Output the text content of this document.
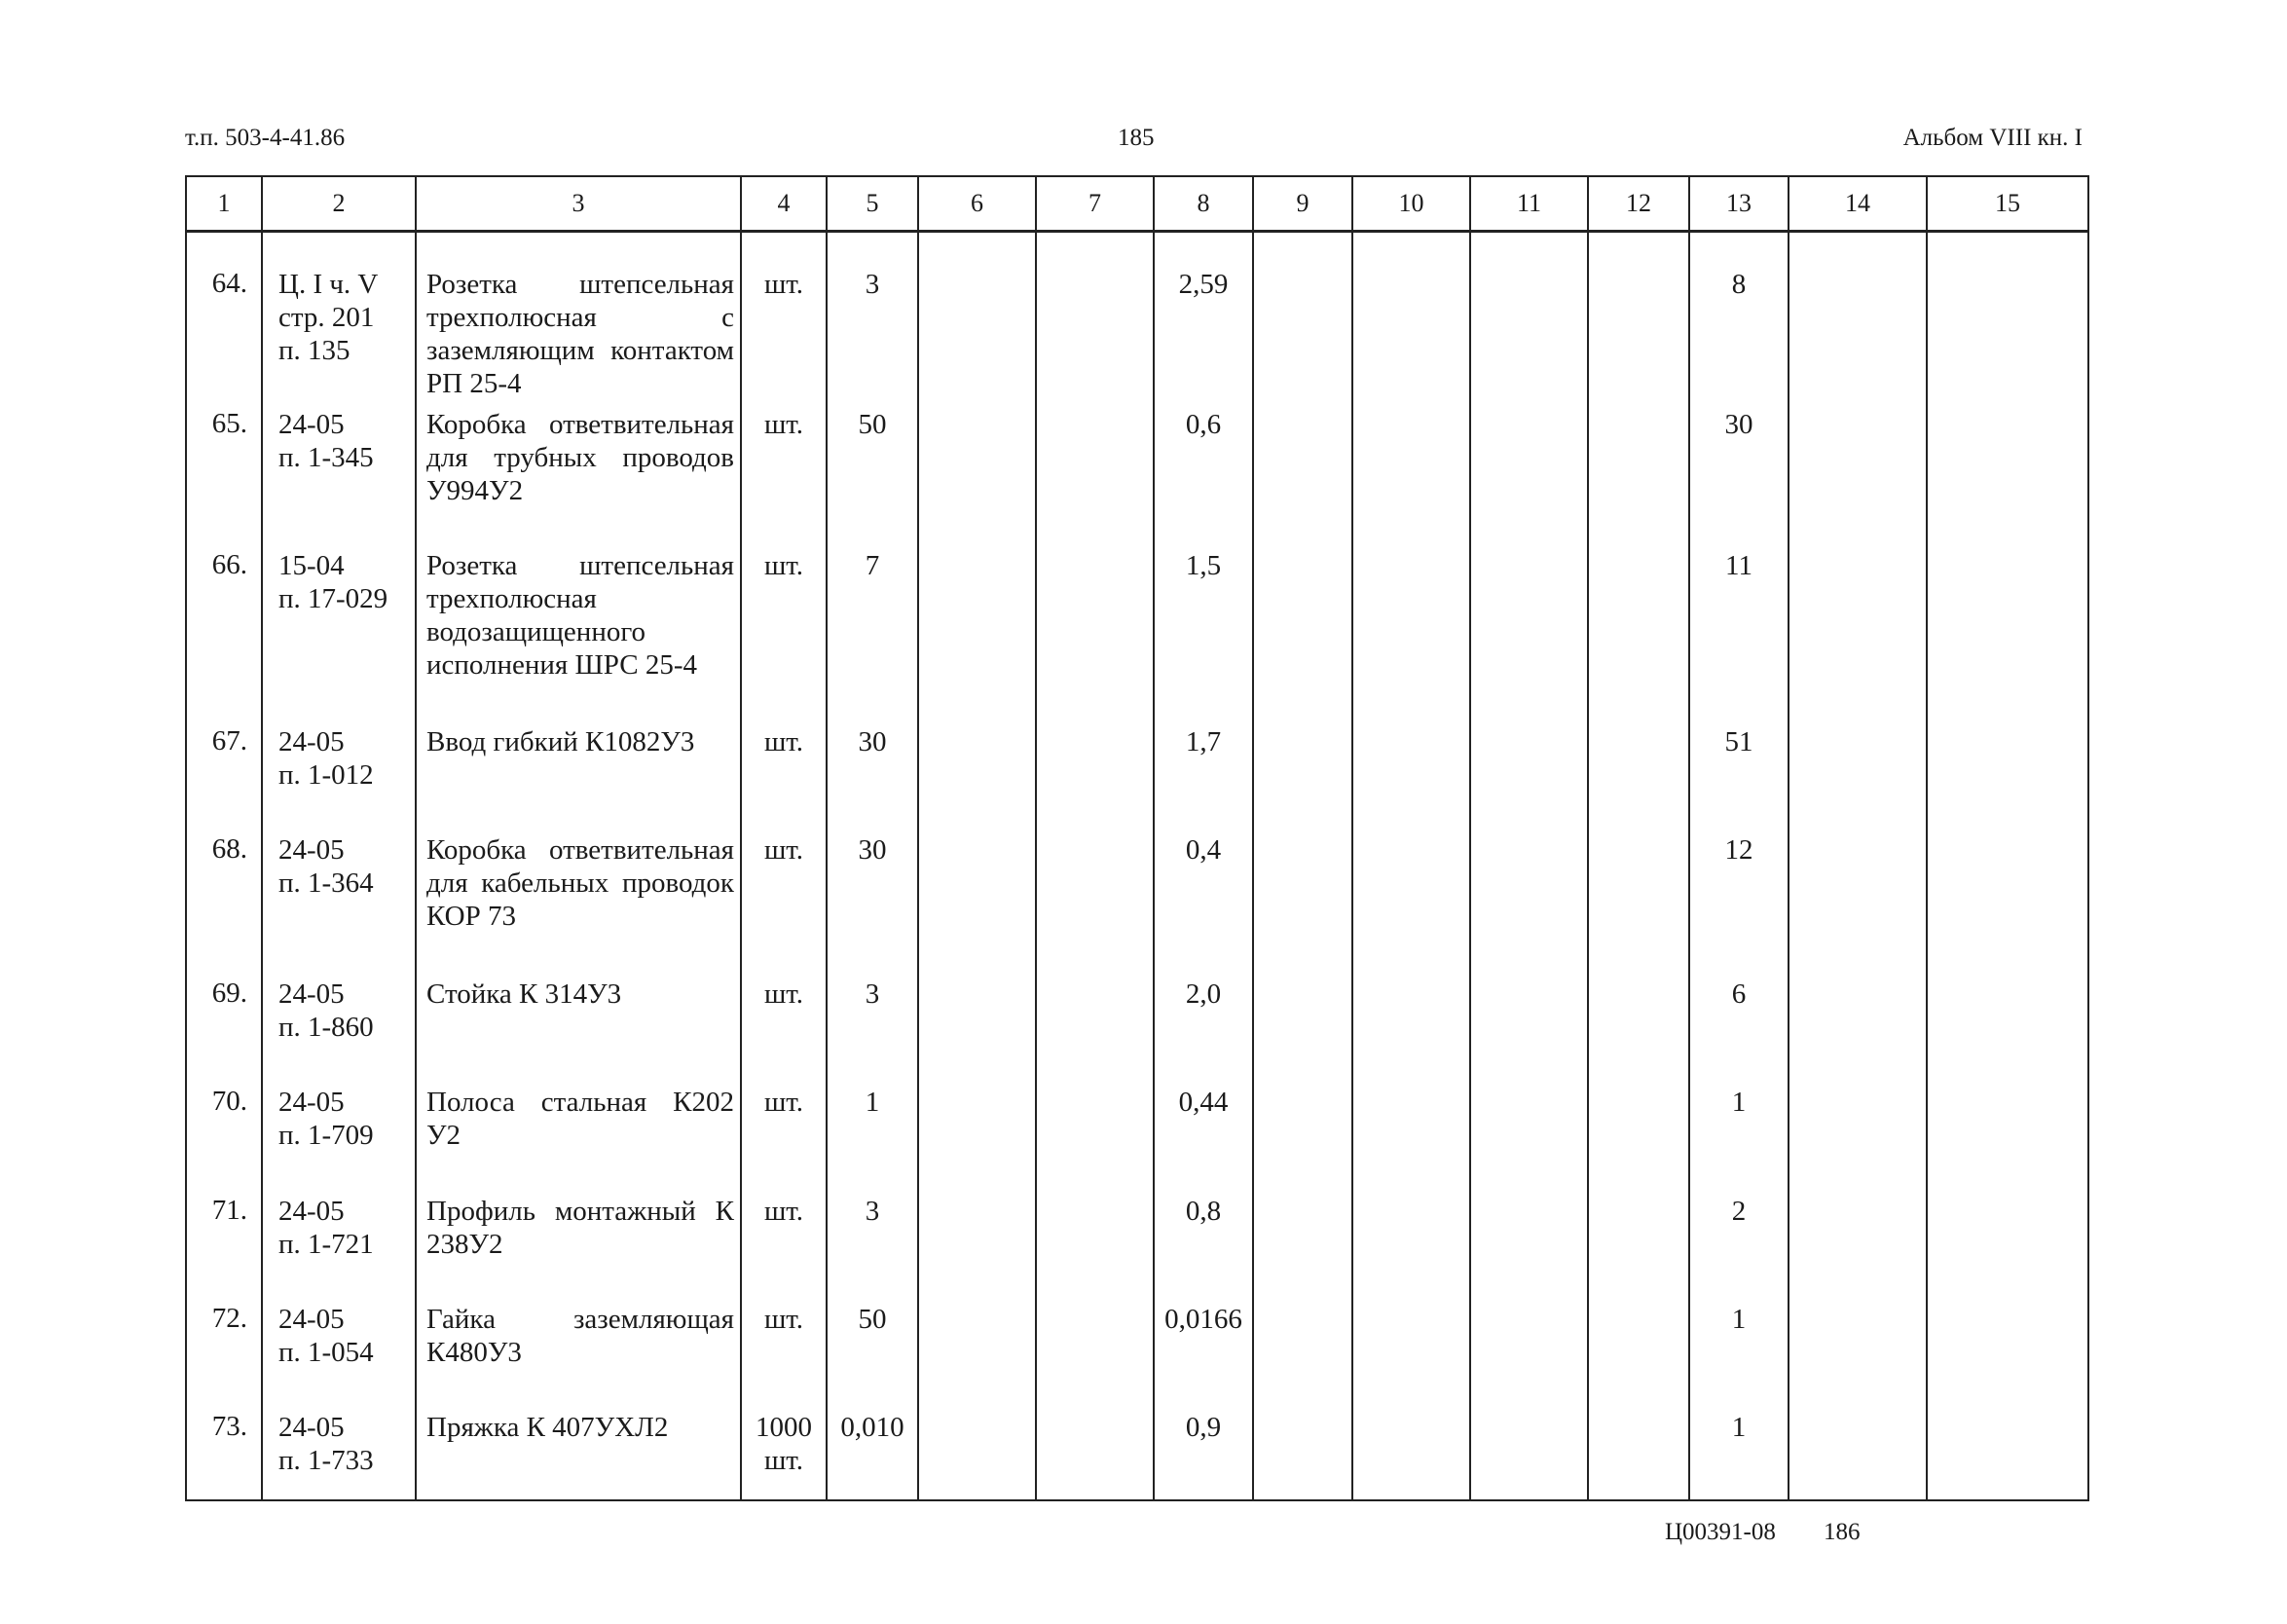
т.п. 503-4-41.86	185	Альбом VIII кн. I
1	2	3	4	5	6	7	8	9	10	11	12	13	14	15
64.	Ц. I ч. V
стр. 201
п. 135	Розетка штепсельная трехполюсная с заземляющим контактом РП 25-4	шт.	3			2,59					8		
65.	24-05
п. 1-345	Коробка ответвительная для трубных проводов У994У2	шт.	50			0,6					30		
66.	15-04
п. 17-029	Розетка штепсельная трехполюсная водозащищенного исполнения ШРС 25-4	шт.	7			1,5					11		
67.	24-05
п. 1-012	Ввод гибкий К1082У3	шт.	30			1,7					51		
68.	24-05
п. 1-364	Коробка ответвительная для кабельных проводок КОР 73	шт.	30			0,4					12		
69.	24-05
п. 1-860	Стойка К 314У3	шт.	3			2,0					6		
70.	24-05
п. 1-709	Полоса стальная К202 У2	шт.	1			0,44					1		
71.	24-05
п. 1-721	Профиль монтажный К 238У2	шт.	3			0,8					2		
72.	24-05
п. 1-054	Гайка заземляющая К480У3	шт.	50			0,0166					1		
73.	24-05
п. 1-733	Пряжка К 407УХЛ2	1000
шт.	0,010			0,9					1		
Ц00391-08 186
